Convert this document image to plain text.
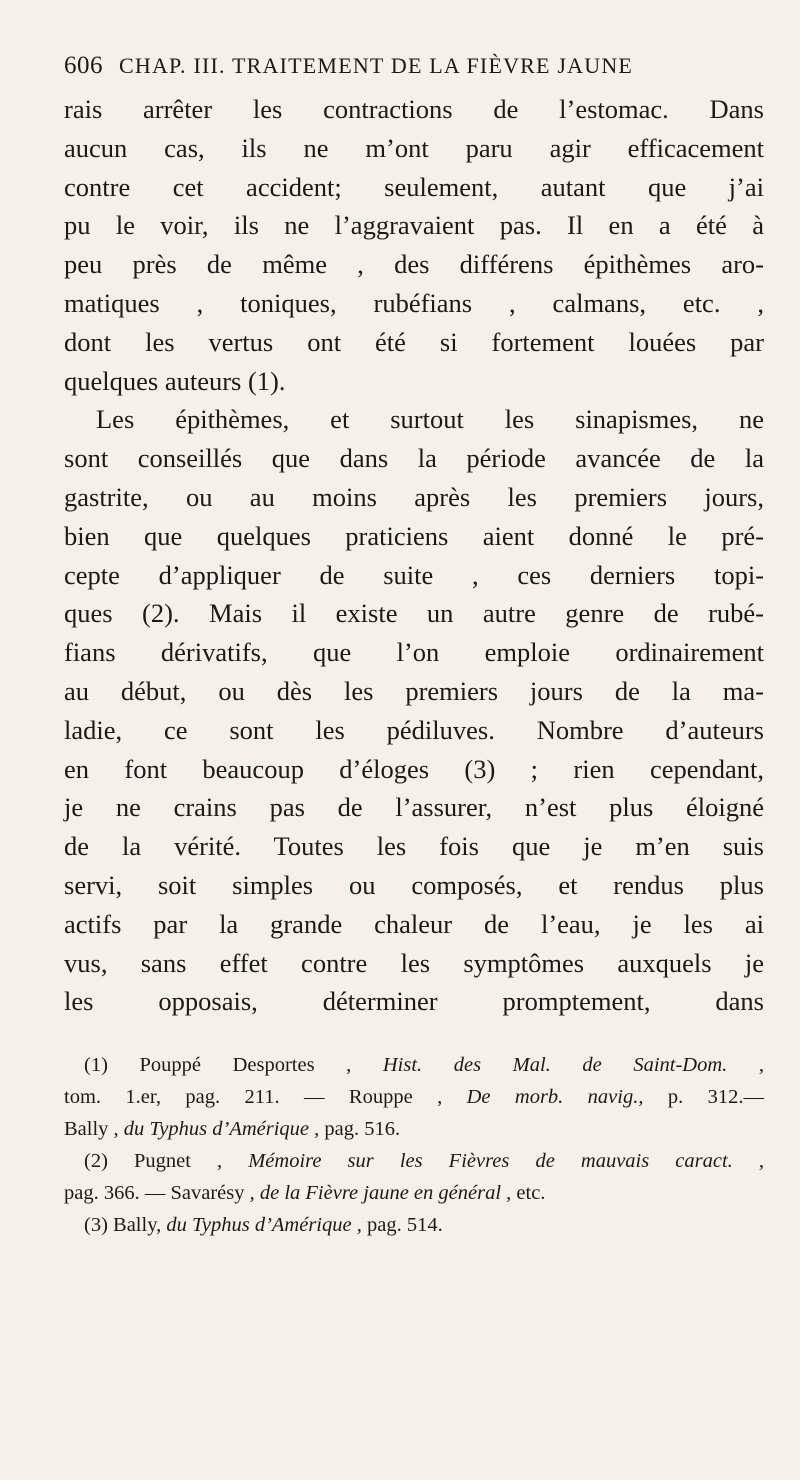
606 CHAP. III. TRAITEMENT DE LA FIÈVRE JAUNE
rais arrêter les contractions de l’estomac. Dans
aucun cas, ils ne m’ont paru agir efficacement
contre cet accident; seulement, autant que j’ai
pu le voir, ils ne l’aggravaient pas. Il en a été à
peu près de même , des différens épithèmes aro-
matiques , toniques, rubéfians , calmans, etc. ,
dont les vertus ont été si fortement louées par
quelques auteurs (1).
Les épithèmes, et surtout les sinapismes, ne
sont conseillés que dans la période avancée de la
gastrite, ou au moins après les premiers jours,
bien que quelques praticiens aient donné le pré-
cepte d’appliquer de suite , ces derniers topi-
ques (2). Mais il existe un autre genre de rubé-
fians dérivatifs, que l’on emploie ordinairement
au début, ou dès les premiers jours de la ma-
ladie, ce sont les pédiluves. Nombre d’auteurs
en font beaucoup d’éloges (3) ; rien cependant,
je ne crains pas de l’assurer, n’est plus éloigné
de la vérité. Toutes les fois que je m’en suis
servi, soit simples ou composés, et rendus plus
actifs par la grande chaleur de l’eau, je les ai
vus, sans effet contre les symptômes auxquels je
les opposais, déterminer promptement, dans
(1) Pouppé Desportes , Hist. des Mal. de Saint-Dom. ,
tom. 1.er, pag. 211. — Rouppe , De morb. navig., p. 312.—
Bally , du Typhus d’Amérique , pag. 516.
(2) Pugnet , Mémoire sur les Fièvres de mauvais caract. ,
pag. 366. — Savarésy , de la Fièvre jaune en général , etc.
(3) Bally, du Typhus d’Amérique , pag. 514.
